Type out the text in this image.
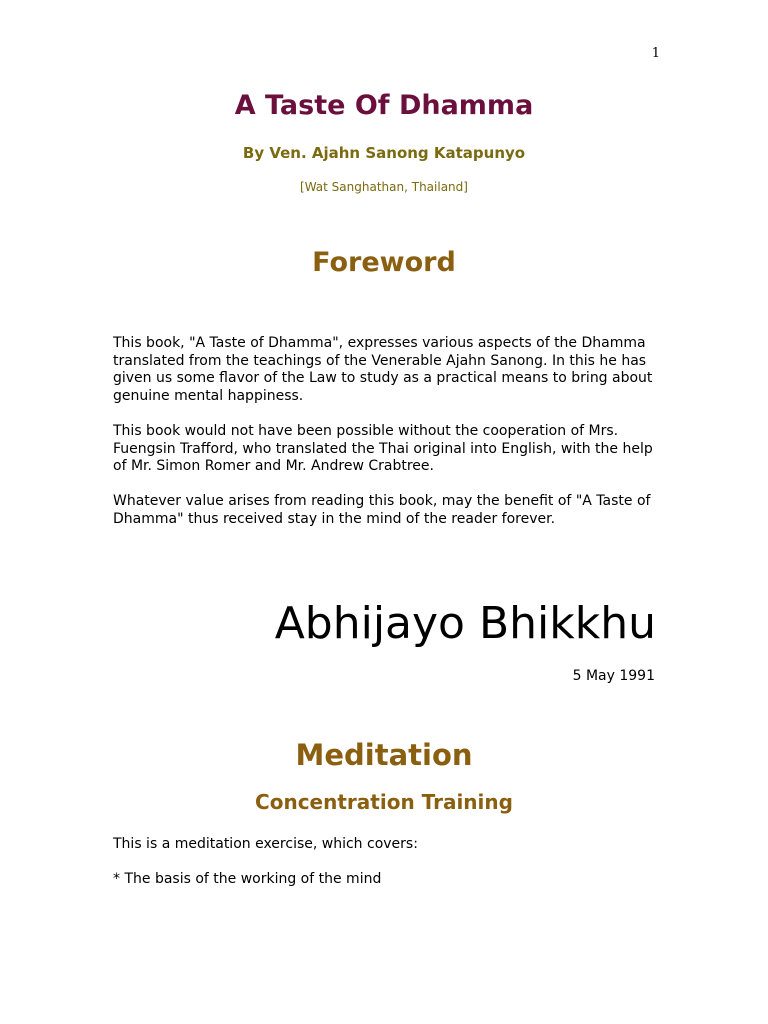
1
A Taste Of Dhamma
By Ven. Ajahn Sanong Katapunyo
[Wat Sanghathan, Thailand]
Foreword

This book, "A Taste of Dhamma", expresses various aspects of the Dhamma translated from the teachings of the Venerable Ajahn Sanong. In this he has given us some flavor of the Law to study as a practical means to bring about genuine mental happiness.

This book would not have been possible without the cooperation of Mrs. Fuengsin Trafford, who translated the Thai original into English, with the help of Mr. Simon Romer and Mr. Andrew Crabtree.

Whatever value arises from reading this book, may the benefit of "A Taste of Dhamma" thus received stay in the mind of the reader forever.

Abhijayo Bhikkhu
5 May 1991
Meditation
Concentration Training

This is a meditation exercise, which covers:

* The basis of the working of the mind
